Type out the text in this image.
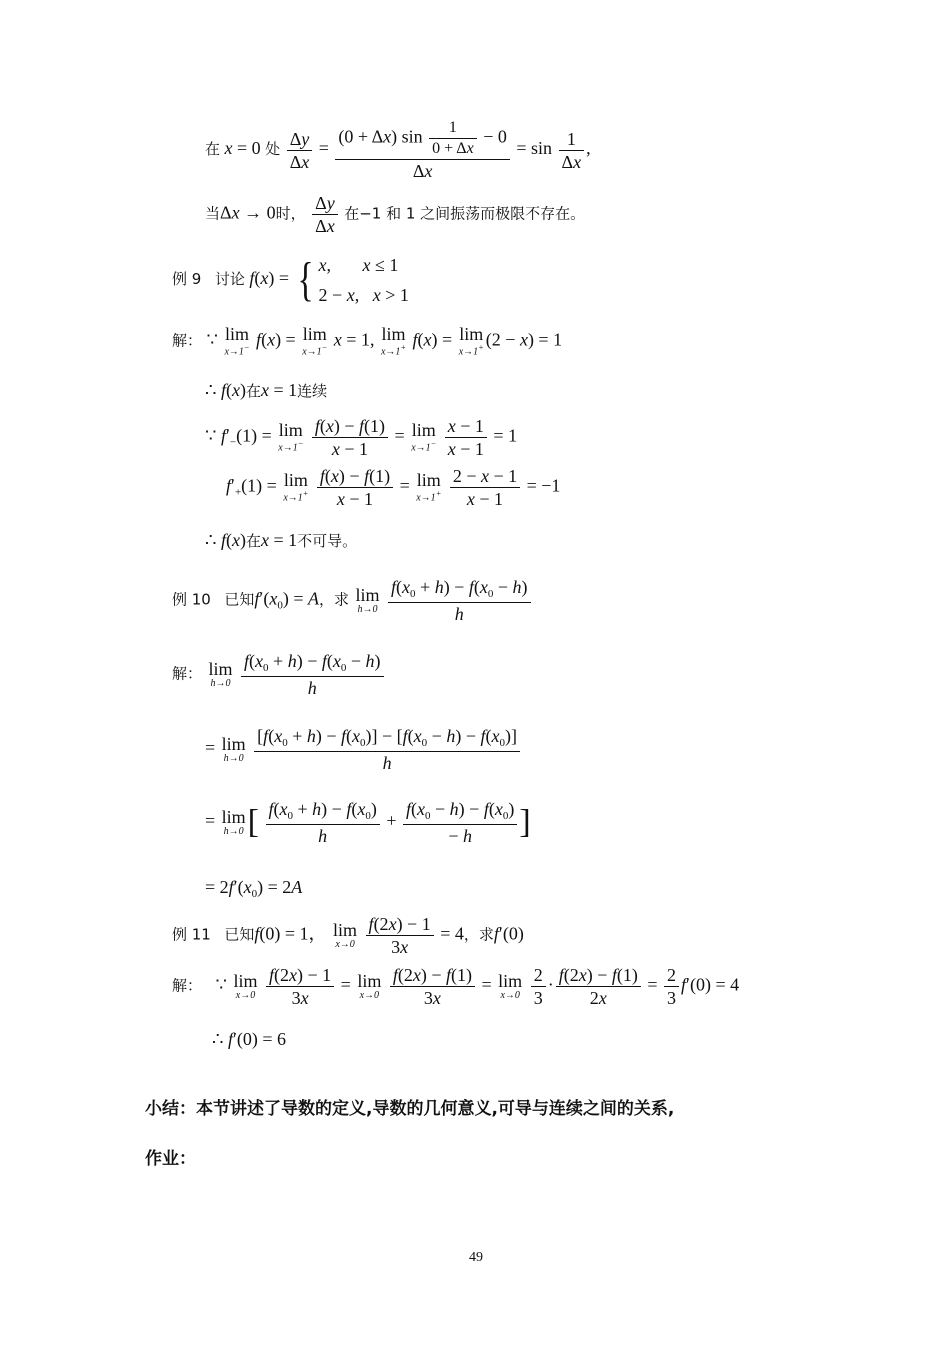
在 x = 0 处 $\frac{\Delta y}{\Delta x} = \frac{(0 + \Delta x) \sin \frac{1}{0 + \Delta x} - 0}{\Delta x} = \sin \frac{1}{\Delta x}$ ,
当Δx → 0时， $\frac{\Delta y}{\Delta x}$ 在−1 和 1 之间振荡而极限不存在。
例 9 讨论 f(x) = { x,       x ≤ 1
2 − x,   x > 1
解： ∵ lim
x→1− f(x) = lim
x→1− x = 1, lim
x→1+ f(x) = lim
x→1+ (2 − x) = 1
∴ f(x)在x = 1连续
∵ $f'_-(1) = \lim$
x→1−
$\frac{f(x) - f(1)}{x - 1} = \lim$
x→1−
$\frac{x - 1}{x - 1} = 1$
$f'_+(1) = \lim$
x→1+
$\frac{f(x) - f(1)}{x - 1} = \lim$
x→1+
$\frac{2 - x - 1}{x - 1} = -1$
∴ f(x)在x = 1不可导。
例 10 已知$f'(x_0) = A$，求 lim
h→0
$\frac{f(x_0 + h) - f(x_0 - h)}{h}$
解： lim
h→0
$\frac{f(x_0 + h) - f(x_0 - h)}{h}$
= lim
h→0
$\frac{[f(x_0 + h) - f(x_0)] - [f(x_0 - h) - f(x_0)]}{h}$
= lim
h→0 [ $\frac{f(x_0 + h) - f(x_0)}{h} + \frac{f(x_0 - h) - f(x_0)}{- h}$ ]
= $2f'(x_0) = 2A$
例 11 已知f(0) = 1， lim
x→0
$\frac{f(2x) - 1}{3x} = 4$，求f′(0)
解：   ∵ lim
x→0
$\frac{f(2x) - 1}{3x} = \lim$
x→0
$\frac{f(2x) - f(1)}{3x} = \lim$
x→0
$\frac{2}{3} \cdot \frac{f(2x) - f(1)}{2x} = \frac{2}{3} f'(0) = 4$
∴ f′(0) = 6
小结：本节讲述了导数的定义,导数的几何意义,可导与连续之间的关系,
作业：
49
